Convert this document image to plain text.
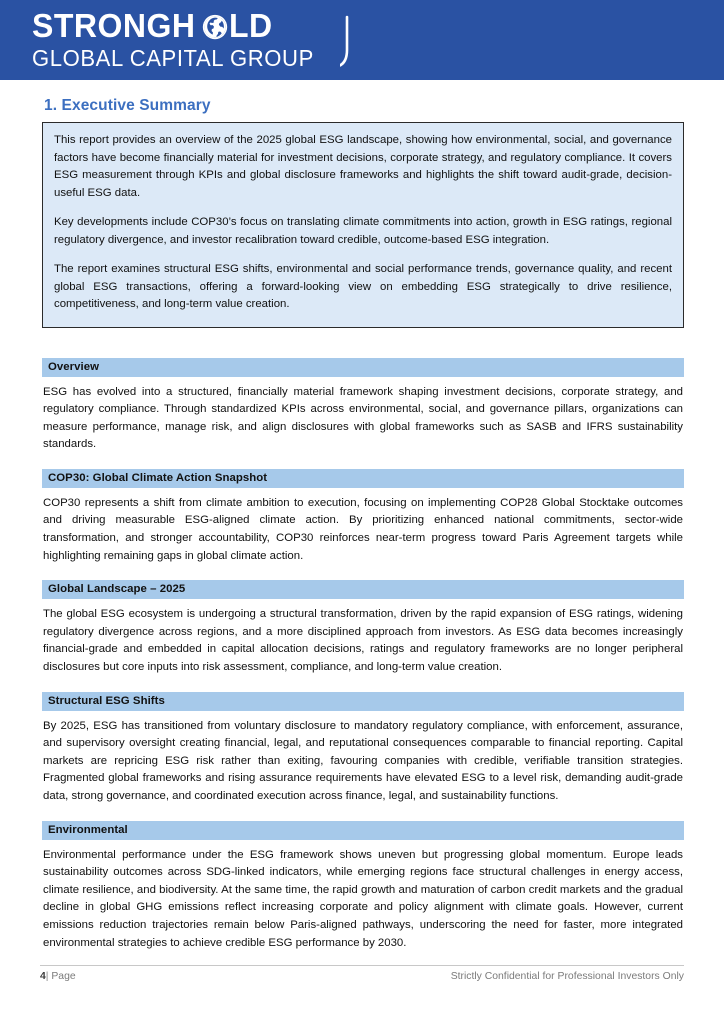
STRONGH LD
GLOBAL CAPITAL GROUP
1. Executive Summary

This report provides an overview of the 2025 global ESG landscape, showing how environmental, social, and governance factors have become financially material for investment decisions, corporate strategy, and regulatory compliance. It covers ESG measurement through KPIs and global disclosure frameworks and highlights the shift toward audit-grade, decision-useful ESG data.

Key developments include COP30’s focus on translating climate commitments into action, growth in ESG ratings, regional regulatory divergence, and investor recalibration toward credible, outcome-based ESG integration.

The report examines structural ESG shifts, environmental and social performance trends, governance quality, and recent global ESG transactions, offering a forward-looking view on embedding ESG strategically to drive resilience, competitiveness, and long-term value creation.

Overview
ESG has evolved into a structured, financially material framework shaping investment decisions, corporate strategy, and regulatory compliance. Through standardized KPIs across environmental, social, and governance pillars, organizations can measure performance, manage risk, and align disclosures with global frameworks such as SASB and IFRS sustainability standards.
COP30: Global Climate Action Snapshot
COP30 represents a shift from climate ambition to execution, focusing on implementing COP28 Global Stocktake outcomes and driving measurable ESG-aligned climate action. By prioritizing enhanced national commitments, sector-wide transformation, and stronger accountability, COP30 reinforces near-term progress toward Paris Agreement targets while highlighting remaining gaps in global climate action.
Global Landscape – 2025
The global ESG ecosystem is undergoing a structural transformation, driven by the rapid expansion of ESG ratings, widening regulatory divergence across regions, and a more disciplined approach from investors. As ESG data becomes increasingly financial-grade and embedded in capital allocation decisions, ratings and regulatory frameworks are no longer peripheral disclosures but core inputs into risk assessment, compliance, and long-term value creation.
Structural ESG Shifts
By 2025, ESG has transitioned from voluntary disclosure to mandatory regulatory compliance, with enforcement, assurance, and supervisory oversight creating financial, legal, and reputational consequences comparable to financial reporting. Capital markets are repricing ESG risk rather than exiting, favouring companies with credible, verifiable transition strategies. Fragmented global frameworks and rising assurance requirements have elevated ESG to a level risk, demanding audit-grade data, strong governance, and coordinated execution across finance, legal, and sustainability functions.
Environmental
Environmental performance under the ESG framework shows uneven but progressing global momentum. Europe leads sustainability outcomes across SDG-linked indicators, while emerging regions face structural challenges in energy access, climate resilience, and biodiversity. At the same time, the rapid growth and maturation of carbon credit markets and the gradual decline in global GHG emissions reflect increasing corporate and policy alignment with climate goals. However, current emissions reduction trajectories remain below Paris-aligned pathways, underscoring the need for faster, more integrated environmental strategies to achieve credible ESG performance by 2030.
4| Page	Strictly Confidential for Professional Investors Only
